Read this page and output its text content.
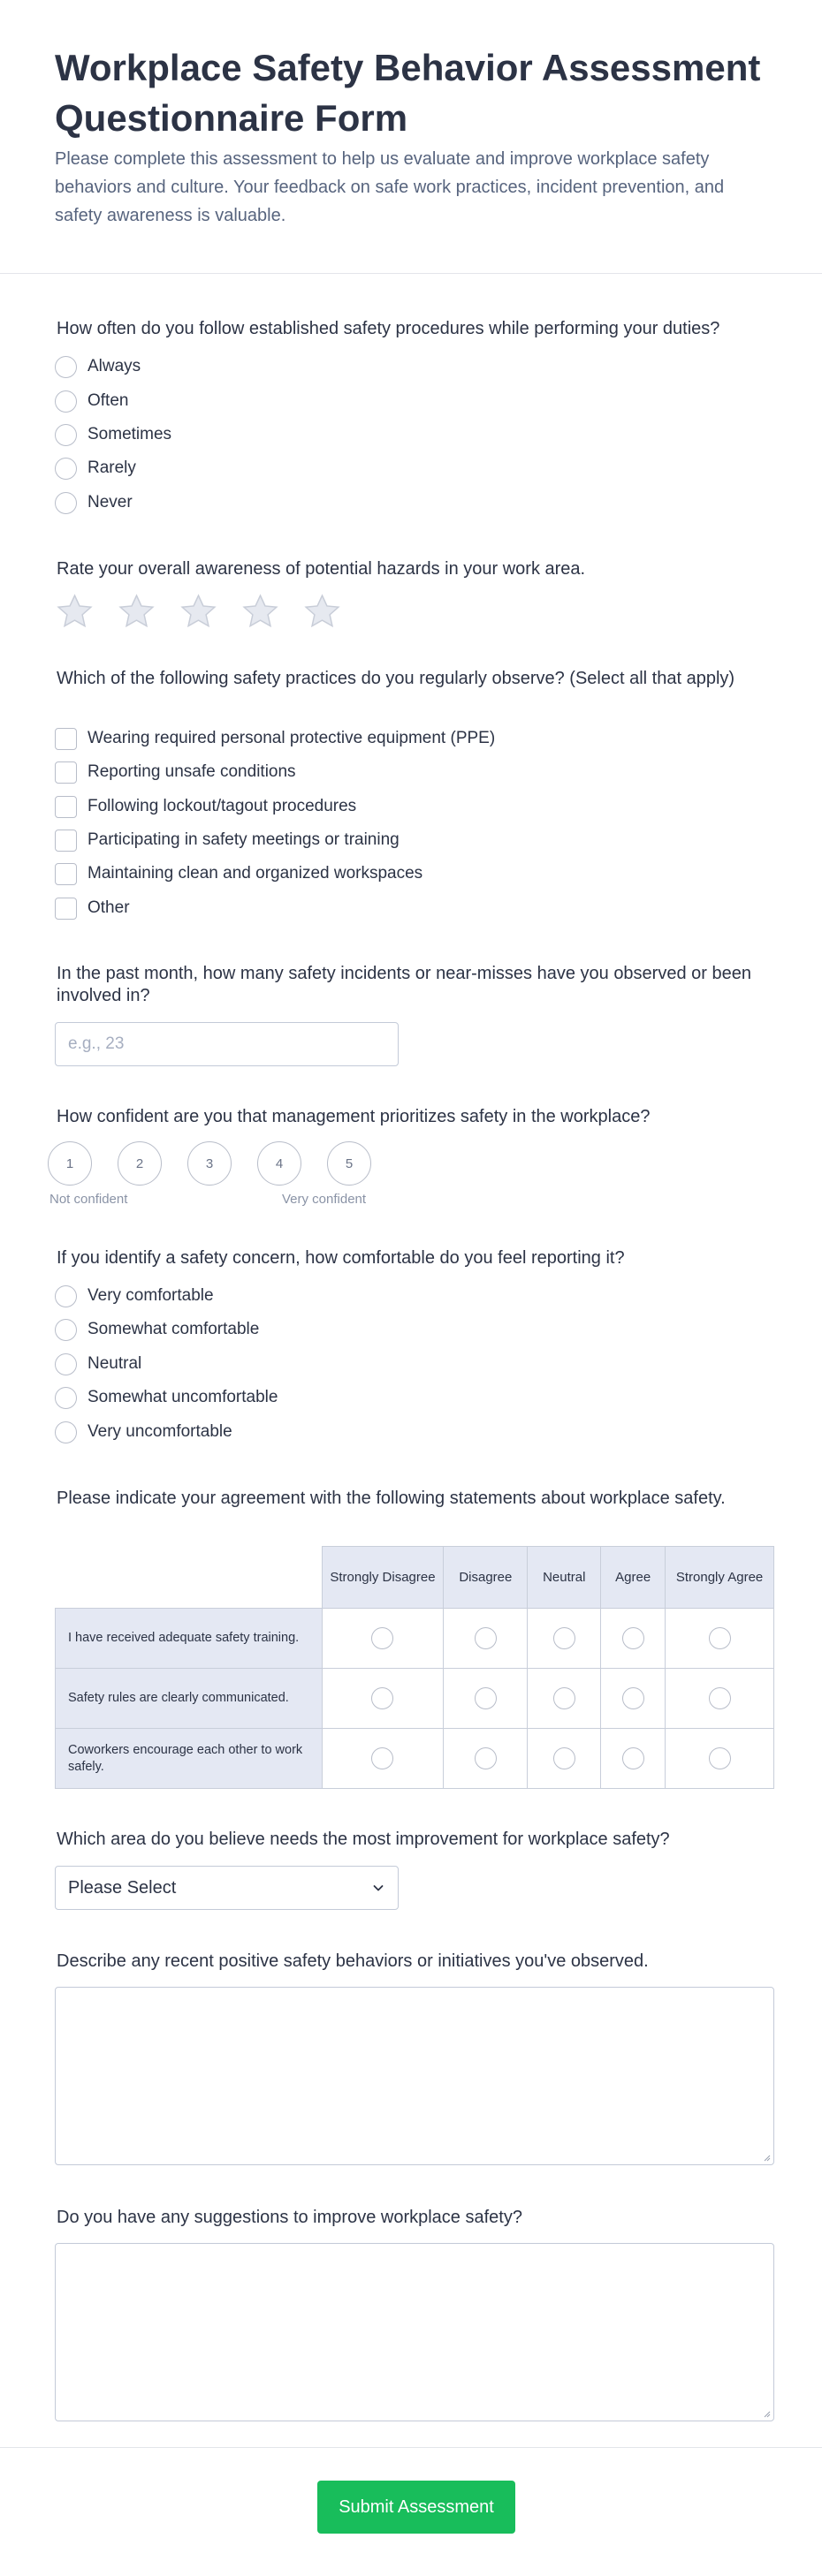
Workplace Safety Behavior Assessment Questionnaire Form

Please complete this assessment to help us evaluate and improve workplace safety behaviors and culture. Your feedback on safe work practices, incident prevention, and safety awareness is valuable.

How often do you follow established safety procedures while performing your duties?
Always
Often
Sometimes
Rarely
Never
Rate your overall awareness of potential hazards in your work area.
Which of the following safety practices do you regularly observe? (Select all that apply)
Wearing required personal protective equipment (PPE)
Reporting unsafe conditions
Following lockout/tagout procedures
Participating in safety meetings or training
Maintaining clean and organized workspaces
Other
In the past month, how many safety incidents or near-misses have you observed or been involved in?
e.g., 23
How confident are you that management prioritizes safety in the workplace?
1	2	3	4	5
Not confident	Very confident
If you identify a safety concern, how comfortable do you feel reporting it?
Very comfortable
Somewhat comfortable
Neutral
Somewhat uncomfortable
Very uncomfortable
Please indicate your agreement with the following statements about workplace safety.
	Strongly Disagree	Disagree	Neutral	Agree	Strongly Agree
I have received adequate safety training.					
Safety rules are clearly communicated.					
Coworkers encourage each other to work safely.					
Which area do you believe needs the most improvement for workplace safety?
Please Select
Describe any recent positive safety behaviors or initiatives you've observed.
Do you have any suggestions to improve workplace safety?
Submit Assessment
